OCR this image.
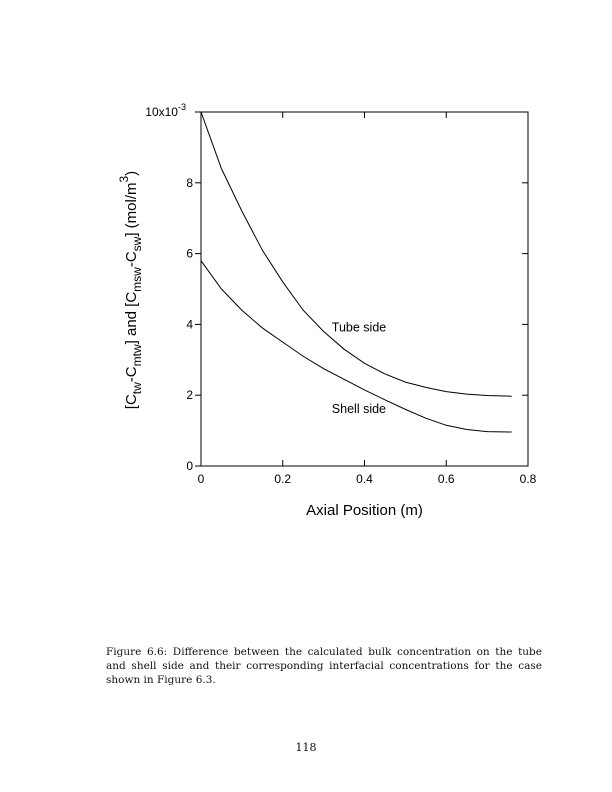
0	0.2	0.4	0.6	0.8
0
2
4
6
8
$10x10^{-3}$
Tube side
Shell side
Axial Position (m)
$[C_{tw}-C_{mtw}]$ and $[C_{msw}-C_{sw}]$ $(mol/m^3)$
Figure 6.6: Difference between the calculated bulk concentration on the tube and shell side and their corresponding interfacial concentrations for the case shown in Figure 6.3.
118
